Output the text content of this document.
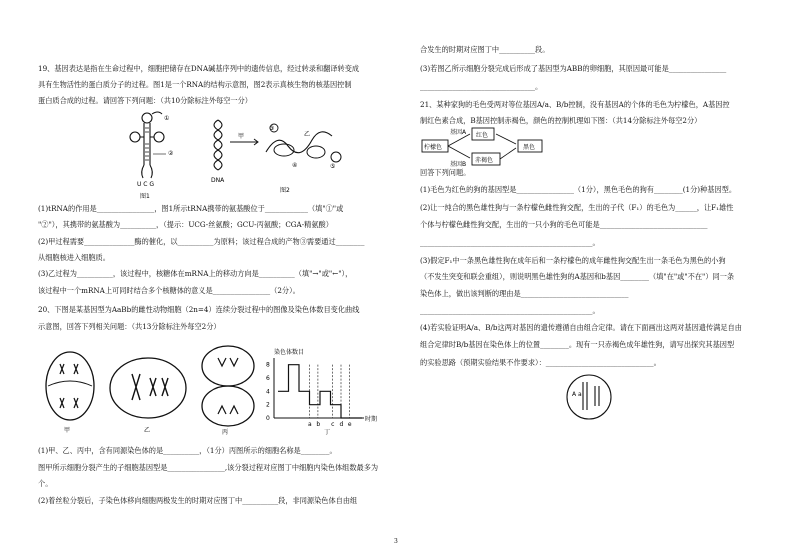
19、基因表达是指在生命过程中，细胞把储存在DNA碱基序列中的遗传信息，经过转录和翻译转变成
具有生物活性的蛋白质分子的过程。图1是一个RNA的结构示意图，图2表示真核生物的核基因控制
蛋白质合成的过程。请回答下列问题：（共10分除标注外每空一分）
①
②
U C G
图1
DNA
甲
③
乙
④	⑤
图2
(1)tRNA的作用是________________，图1所示tRNA携带的氨基酸位于____________（填"①"或
"②"），其携带的氨基酸为__________，（提示：UCG-丝氨酸；GCU-丙氨酸；CGA-精氨酸）
(2)甲过程需要______________酶的催化，以__________为原料；该过程合成的产物③需要通过________
从细胞核进入细胞质。
(3)乙过程为__________，该过程中，核糖体在mRNA上的移动方向是__________（填"→"或"←"），
该过程中一个mRNA上可同时结合多个核糖体的意义是________________（2分）。
20、下图是某基因型为AaBb的雌性动物细胞（2n=4）连续分裂过程中的图像及染色体数目变化曲线
示意图，回答下列相关问题：（共13分除标注外每空2分）
甲	乙	丙
染色体数目
0
2
4
6
8
a b c d e
时期
丁
(1)甲、乙、丙中，含有同源染色体的是__________，（1分）丙图所示的细胞名称是________。
图甲所示细胞分裂产生的子细胞基因型是________________,该分裂过程对应图丁中细胞内染色体组数最多为
个。
(2)着丝粒分裂后，子染色体移向细胞两极发生的时期对应图丁中__________段，非同源染色体自由组
合发生的时期对应图丁中__________段。
(3)若图乙所示细胞分裂完成后形成了基因型为ABB的卵细胞，其原因最可能是________________
________________________________。
21、某种家狗的毛色受两对等位基因A/a、B/b控制，没有基因A的个体的毛色为柠檬色，A基因控
制红色素合成，B基因控制赤褐色，颜色的控制机理如下图：（共14分除标注外每空2分）
柠檬色
基因A
基因B
红色
赤褐色
黑色
回答下列问题。
(1)毛色为红色的狗的基因型是________________（1分），黑色毛色的狗有________(1分)种基因型。
(2)让一纯合的黑色雄性狗与一条柠檬色雌性狗交配，生出的子代（F₁）的毛色为______，让F₁雄性
个体与柠檬色雌性狗交配，生出的一只小狗的毛色可能是______________________________
________________________________________________。
(3)假定F₁中一条黑色雄性狗在成年后和一条柠檬色的成年雌性狗交配生出一条毛色为黑色的小狗
（不发生突变和联会重组），则说明黑色雄性狗的A基因和b基因________（填"在"或"不在"）同一条
染色体上，做出该判断的理由是______________________________
________________________________________________。
(4)若实验证明A/a、B/b这两对基因的遗传遵循自由组合定律。请在下面画出这两对基因遗传满足自由
组合定律时B/b基因在染色体上的位置________。现有一只赤褐色成年雄性狗，请写出探究其基因型
的实验思路（预期实验结果不作要求）：______________________________。
A a
3
